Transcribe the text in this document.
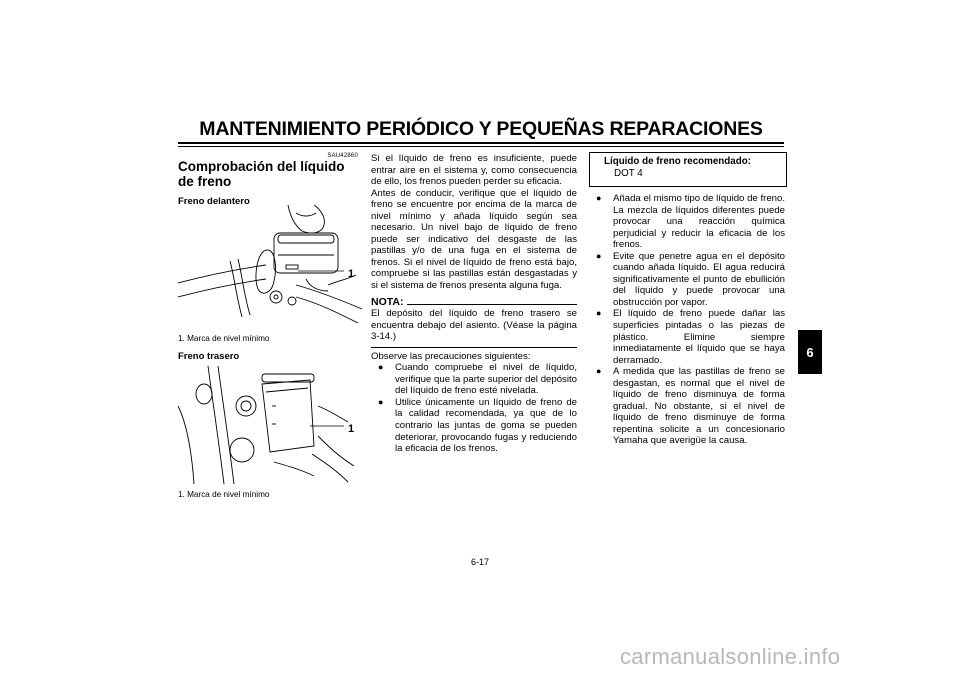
MANTENIMIENTO PERIÓDICO Y PEQUEÑAS REPARACIONES
6
SAU42860
Comprobación del líquido de freno
Freno delantero
1
1. Marca de nivel mínimo
Freno trasero
1
1. Marca de nivel mínimo

Si el líquido de freno es insuficiente, puede entrar aire en el sistema y, como consecuencia de ello, los frenos pueden perder su eficacia.

Antes de conducir, verifique que el líquido de freno se encuentre por encima de la marca de nivel mínimo y añada líquido según sea necesario. Un nivel bajo de líquido de freno puede ser indicativo del desgaste de las pastillas y/o de una fuga en el sistema de frenos. Si el nivel de líquido de freno está bajo, compruebe si las pastillas están desgastadas y si el sistema de frenos presenta alguna fuga.

NOTA:

El depósito del líquido de freno trasero se encuentra debajo del asiento. (Véase la página 3-14.)

Observe las precauciones siguientes:

● Cuando compruebe el nivel de líquido, verifique que la parte superior del depósito del líquido de freno esté nivelada.
● Utilice únicamente un líquido de freno de la calidad recomendada, ya que de lo contrario las juntas de goma se pueden deteriorar, provocando fugas y reduciendo la eficacia de los frenos.
Líquido de freno recomendado:
DOT 4
● Añada el mismo tipo de líquido de freno. La mezcla de líquidos diferentes puede provocar una reacción química perjudicial y reducir la eficacia de los frenos.
● Evite que penetre agua en el depósito cuando añada líquido. El agua reducirá significativamente el punto de ebullición del líquido y puede provocar una obstrucción por vapor.
● El líquido de freno puede dañar las superficies pintadas o las piezas de plástico. Elimine siempre inmediatamente el líquido que se haya derramado.
● A medida que las pastillas de freno se desgastan, es normal que el nivel de líquido de freno disminuya de forma gradual. No obstante, si el nivel de líquido de freno disminuye de forma repentina solicite a un concesionario Yamaha que averigüe la causa.
6-17
carmanualsonline.info
